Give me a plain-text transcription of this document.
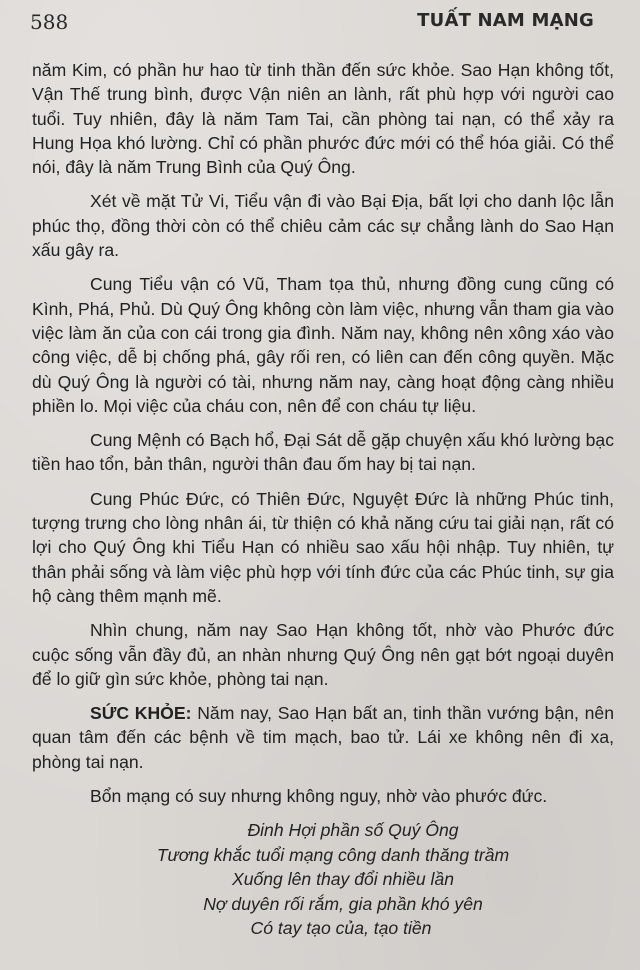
588	TUẤT NAM MẠNG

năm Kim, có phần hư hao từ tinh thần đến sức khỏe. Sao Hạn không tốt, Vận Thế trung bình, được Vận niên an lành, rất phù hợp với người cao tuổi. Tuy nhiên, đây là năm Tam Tai, cần phòng tai nạn, có thể xảy ra Hung Họa khó lường. Chỉ có phần phước đức mới có thể hóa giải. Có thể nói, đây là năm Trung Bình của Quý Ông.

Xét về mặt Tử Vi, Tiểu vận đi vào Bại Địa, bất lợi cho danh lộc lẫn phúc thọ, đồng thời còn có thể chiêu cảm các sự chẳng lành do Sao Hạn xấu gây ra.

Cung Tiểu vận có Vũ, Tham tọa thủ, nhưng đồng cung cũng có Kình, Phá, Phủ. Dù Quý Ông không còn làm việc, nhưng vẫn tham gia vào việc làm ăn của con cái trong gia đình. Năm nay, không nên xông xáo vào công việc, dễ bị chống phá, gây rối ren, có liên can đến công quyền. Mặc dù Quý Ông là người có tài, nhưng năm nay, càng hoạt động càng nhiều phiền lo. Mọi việc của cháu con, nên để con cháu tự liệu.

Cung Mệnh có Bạch hổ, Đại Sát dễ gặp chuyện xấu khó lường bạc tiền hao tổn, bản thân, người thân đau ốm hay bị tai nạn.

Cung Phúc Đức, có Thiên Đức, Nguyệt Đức là những Phúc tinh, tượng trưng cho lòng nhân ái, từ thiện có khả năng cứu tai giải nạn, rất có lợi cho Quý Ông khi Tiểu Hạn có nhiều sao xấu hội nhập. Tuy nhiên, tự thân phải sống và làm việc phù hợp với tính đức của các Phúc tinh, sự gia hộ càng thêm mạnh mẽ.

Nhìn chung, năm nay Sao Hạn không tốt, nhờ vào Phước đức cuộc sống vẫn đầy đủ, an nhàn nhưng Quý Ông nên gạt bớt ngoại duyên để lo giữ gìn sức khỏe, phòng tai nạn.

SỨC KHỎE: Năm nay, Sao Hạn bất an, tinh thần vướng bận, nên quan tâm đến các bệnh về tim mạch, bao tử. Lái xe không nên đi xa, phòng tai nạn.

Bổn mạng có suy nhưng không nguy, nhờ vào phước đức.

Đinh Hợi phần số Quý Ông
Tương khắc tuổi mạng công danh thăng trầm
Xuống lên thay đổi nhiều lần
Nợ duyên rối rắm, gia phần khó yên
Có tay tạo của, tạo tiền
